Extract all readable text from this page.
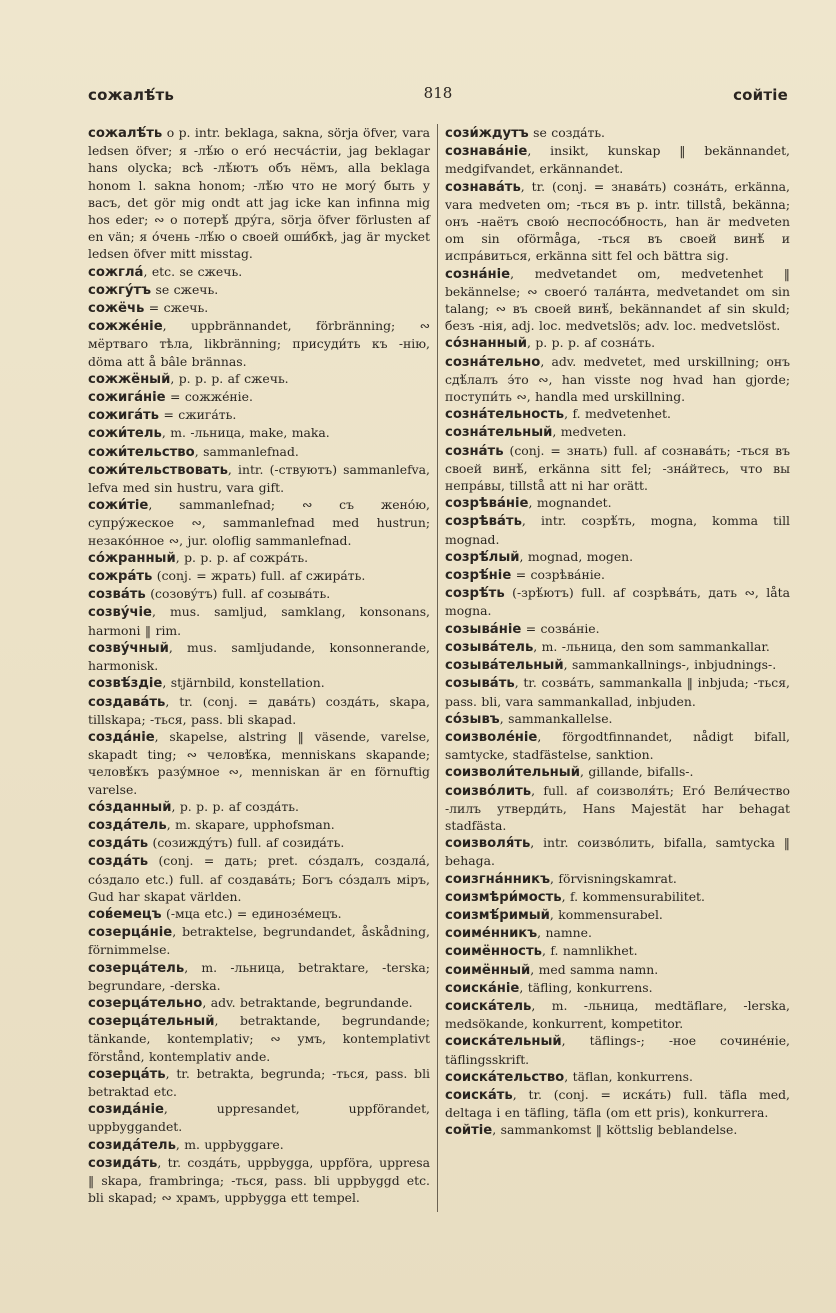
сожалѣ́ть	818	сойтіе

сожалѣ́ть о p. intr. beklaga, sakna, sörja öfver, vara ledsen öfver; я -лѣ́ю о его́ несча́стіи, jag beklagar hans olycka; всѣ -лѣ́ютъ объ нёмъ, alla beklaga honom l. sakna honom; -лѣ́ю что не могу́ быть у васъ, det gör mig ondt att jag icke kan infinna mig hos eder; ∾ о потерѣ́ дру́га, sörja öfver förlusten af en vän; я о́чень -лѣ́ю о своей оши́бкѣ, jag är mycket ledsen öfver mitt misstag.

сожгла́, etc. se сжечь.

сожгу́тъ se сжечь.

сожёчь = сжечь.

сожже́ніе, uppbrännandet, förbränning; ∾ мёртваго тѣла, likbränning; присуди́ть къ -нію, döma att å bâle brännas.

сожжёный, p. p. p. af сжечь.

сожига́ніе = сожже́ніе.

сожига́ть = сжига́ть.

сожи́тель, m. -льница, make, maka.

сожи́тельство, sammanlefnad.

сожи́тельствовать, intr. (-ствуютъ) sammanlefva, lefva med sin hustru, vara gift.

сожи́тіе, sammanlefnad; ∾ съ жено́ю, супру́жеское ∾, sammanlefnad med hustrun; незако́нное ∾, jur. oloflig sammanlefnad.

со́жранный, p. p. p. af сожра́ть.

сожра́ть (conj. = жрать) full. af сжира́ть.

созва́ть (созову́тъ) full. af созыва́ть.

созву́чіе, mus. samljud, samklang, konsonans, harmoni ‖ rim.

созву́чный, mus. samljudande, konsonnerande, harmonisk.

созвѣ́здіе, stjärnbild, konstellation.

создава́ть, tr. (conj. = дава́ть) созда́ть, skapa, tillskapa; -ться, pass. bli skapad.

созда́ніе, skapelse, alstring ‖ väsende, varelse, skapadt ting; ∾ человѣ́ка, menniskans skapande; человѣ́къ разу́мное ∾, menniskan är en förnuftig varelse.

со́зданный, p. p. p. af созда́ть.

созда́тель, m. skapare, upphofsman.

созда́ть (созижду́тъ) full. af созида́ть.

созда́ть (conj. = дать; pret. со́здалъ, создала́, со́здало etc.) full. af создава́ть; Богъ со́здалъ міръ, Gud har skapat världen.

сов́емецъ (-мца etc.) = единозе́мецъ.

созерца́ніе, betraktelse, begrundandet, åskådning, förnimmelse.

созерца́тель, m. -льница, betraktare, -terska; begrundare, -derska.

созерца́тельно, adv. betraktande, begrundande.

созерца́тельный, betraktande, begrundande; tänkande, kontemplativ; ∾ умъ, kontemplativt förstånd, kontemplativ ande.

созерца́ть, tr. betrakta, begrunda; -ться, pass. bli betraktad etc.

созида́ніе, uppresandet, uppförandet, uppbyggandet.

созида́тель, m. uppbyggare.

созида́ть, tr. созда́ть, uppbygga, uppföra, uppresa ‖ skapa, frambringa; -ться, pass. bli uppbyggd etc. bli skapad; ∾ храмъ, uppbygga ett tempel.

сози́ждутъ se созда́ть.

сознава́ніе, insikt, kunskap ‖ bekännandet, medgifvandet, erkännandet.

сознава́ть, tr. (conj. = знава́ть) созна́ть, erkänna, vara medveten om; -ться въ p. intr. tillstå, bekänna; онъ -наётъ свою́ неспосо́бность, han är medveten om sin oförmåga, -ться въ своей винѣ́ и испра́виться, erkänna sitt fel och bättra sig.

созна́ніе, medvetandet om, medvetenhet ‖ bekännelse; ∾ своего́ тала́нта, medvetandet om sin talang; ∾ въ своей винѣ́, bekännandet af sin skuld; безъ -нія, adj. loc. medvetslös; adv. loc. medvetslöst.

со́знанный, p. p. p. af созна́ть.

созна́тельно, adv. medvetet, med urskillning; онъ сдѣ́лалъ э́то ∾, han visste nog hvad han gjorde; поступи́ть ∾, handla med urskillning.

созна́тельность, f. medvetenhet.

созна́тельный, medveten.

созна́ть (conj. = знать) full. af сознава́ть; -ться въ своей винѣ́, erkänna sitt fel; -зна́йтесь, что вы непра́вы, tillstå att ni har orätt.

созрѣва́ніе, mognandet.

созрѣва́ть, intr. созрѣ́ть, mogna, komma till mognad.

созрѣ́лый, mognad, mogen.

созрѣ́ніе = созрѣва́ніе.

созрѣ́ть (-зрѣ́ютъ) full. af созрѣва́ть, дать ∾, låta mogna.

созыва́ніе = созва́ніе.

созыва́тель, m. -льница, den som sammankallar.

созыва́тельный, sammankallnings-, inbjudnings-.

созыва́ть, tr. созва́ть, sammankalla ‖ inbjuda; -ться, pass. bli, vara sammankallad, inbjuden.

со́зывъ, sammankallelse.

соизволе́ніе, förgodtfinnandet, nådigt bifall, samtycke, stadfästelse, sanktion.

соизволи́тельный, gillande, bifalls-.

соизво́лить, full. af соизволя́ть; Его́ Вели́чество -лилъ утверди́ть, Hans Majestät har behagat stadfästa.

соизволя́ть, intr. соизво́лить, bifalla, samtycka ‖ behaga.

соизгна́нникъ, förvisningskamrat.

соизмѣри́мость, f. kommensurabilitet.

соизмѣ́римый, kommensurabel.

соиме́нникъ, namne.

соимённость, f. namnlikhet.

соимённый, med samma namn.

соиска́ніе, täfling, konkurrens.

соиска́тель, m. -льница, medtäflare, -lerska, medsökande, konkurrent, kompetitor.

соиска́тельный, täflings-; -ное сочине́ніе, täflingsskrift.

соиска́тельство, täflan, konkurrens.

соиска́ть, tr. (conj. = иска́ть) full. täfla med, deltaga i en täfling, täfla (om ett pris), konkurrera.

сойтіе, sammankomst ‖ köttslig beblandelse.
